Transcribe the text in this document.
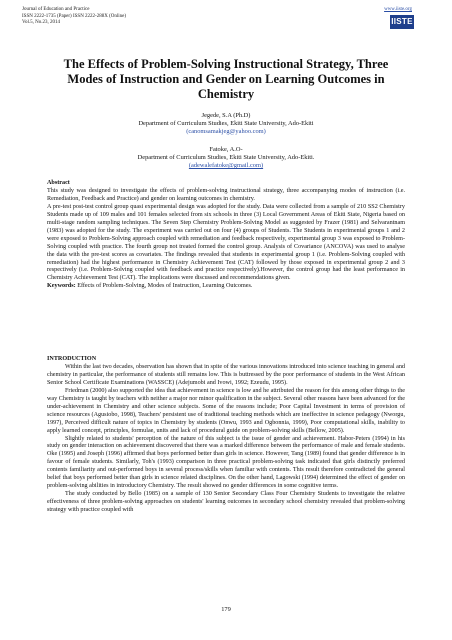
Journal of Education and Practice
ISSN 2222-1735 (Paper) ISSN 2222-288X (Online)
Vol.5, No.23, 2014
www.iiste.org
IISTE
The Effects of Problem-Solving Instructional Strategy, Three Modes of Instruction and Gender on Learning Outcomes in Chemistry
Jegede, S.A (Ph.D)
Department of Curriculum Studies, Ekiti State University, Ado-Ekiti
(canomsamakjeg@yahoo.com)
Fatoke, A.O-
Department of Curriculum Studies, Ekiti State University, Ado-Ekiti.
(adewalefatoke@gmail.com)

Abstract

This study was designed to investigate the effects of problem-solving instructional strategy, three accompanying modes of instruction (i.e. Remediation, Feedback and Practice) and gender on learning outcomes in chemistry.

A pre-test post-test control group quasi experimental design was adopted for the study. Data were collected from a sample of 210 SS2 Chemistry Students made up of 109 males and 101 females selected from six schools in three (3) Local Government Areas of Ekiti State, Nigeria based on multi-stage random sampling techniques. The Seven Step Chemistry Problem-Solving Model as suggested by Frazer (1981) and Selvarantnam (1983) was adopted for the study. The experiment was carried out on four (4) groups of Students. The Students in experimental groups 1 and 2 were exposed to Problem-Solving approach coupled with remediation and feedback respectively, experimental group 3 was exposed to Problem-Solving coupled with practice. The fourth group not treated formed the control group. Analysis of Covariance (ANCOVA) was used to analyse the data with the pre-test scores as covariates. The findings revealed that students in experimental group 1 (i.e. Problem-Solving coupled with remediation) had the highest performance in Chemistry Achievement Test (CAT) followed by those exposed in experimental group 2 and 3 respectively (i.e. Problem-Solving coupled with feedback and practice respectively).However, the control group had the least performance in Chemistry Achievement Test (CAT). The implications were discussed and recommendations given.

Keywords: Effects of Problem-Solving, Modes of Instruction, Learning Outcomes.

INTRODUCTION

Within the last two decades, observation has shown that in spite of the various innovations introduced into science teaching in general and chemistry in particular, the performance of students still remains low. This is buttressed by the poor performance of students in the West African Senior School Certificate Examinations (WASSCE) (Adejumobi and Ivowi, 1992; Ezeudu, 1995).

Friedman (2000) also supported the idea that achievement in science is low and he attributed the reason for this among other things to the way Chemistry is taught by teachers with neither a major nor minor qualification in the subject. Several other reasons have been advanced for the under-achievement in Chemistry and other science subjects. Some of the reasons include; Poor Capital Investment in terms of provision of science resources (Agusiobo, 1998), Teachers' persistent use of traditional teaching methods which are ineffective in science pedagogy (Nworgu, 1997), Perceived difficult nature of topics in Chemistry by students (Onwu, 1993 and Ogbonnia, 1999), Poor computational skills, inability to apply learned concept, principles, formulae, units and lack of procedural guide on problem-solving skills (Bellow, 2005).

Slightly related to students' perception of the nature of this subject is the issue of gender and achievement. Habor-Peters (1994) in his study on gender interaction on achievement discovered that there was a marked difference between the performance of male and female students. Oke (1995) and Joseph (1996) affirmed that boys performed better than girls in science. However, Tang (1989) found that gender difference is in favour of female students. Similarly, Toh's (1993) comparison in three practical problem-solving task indicated that girls distinctly preferred contents familiarity and out-performed boys in several process/skills when familiar with contents. This result therefore contradicted the general belief that boys performed better than girls in science related disciplines. On the other hand, Lagowski (1994) determined the effect of gender on problem-solving abilities in introductory Chemistry. The result showed no gender differences in some cognitive terms.

The study conducted by Bello (1985) on a sample of 130 Senior Secondary Class Four Chemistry Students to investigate the relative effectiveness of three problem-solving approaches on students' learning outcomes in secondary school chemistry revealed that problem-solving strategy with practice coupled with

179
